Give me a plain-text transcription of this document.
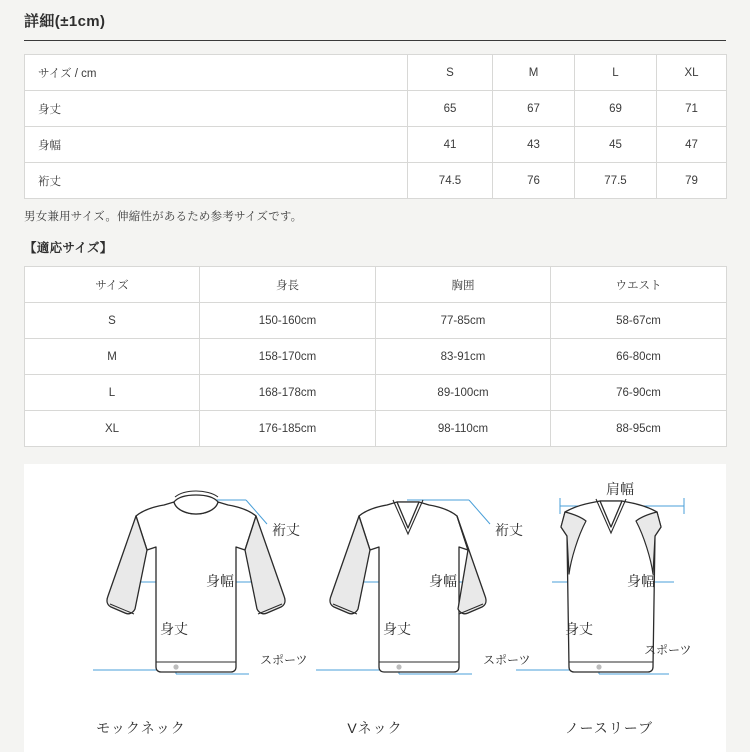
詳細(±1cm)
サイズ / cm	S	M	L	XL
身丈	65	67	69	71
身幅	41	43	45	47
裄丈	74.5	76	77.5	79
男女兼用サイズ。伸縮性があるため参考サイズです。
【適応サイズ】
サイズ	身長	胸囲	ウエスト
S	150-160cm	77-85cm	58-67cm
M	158-170cm	83-91cm	66-80cm
L	168-178cm	89-100cm	76-90cm
XL	176-185cm	98-110cm	88-95cm
スポーツ
裄丈
身幅
身丈
スポーツ
裄丈
身幅
身丈
スポーツ
肩幅
身幅
身丈
モックネック	Vネック	ノースリーブ
